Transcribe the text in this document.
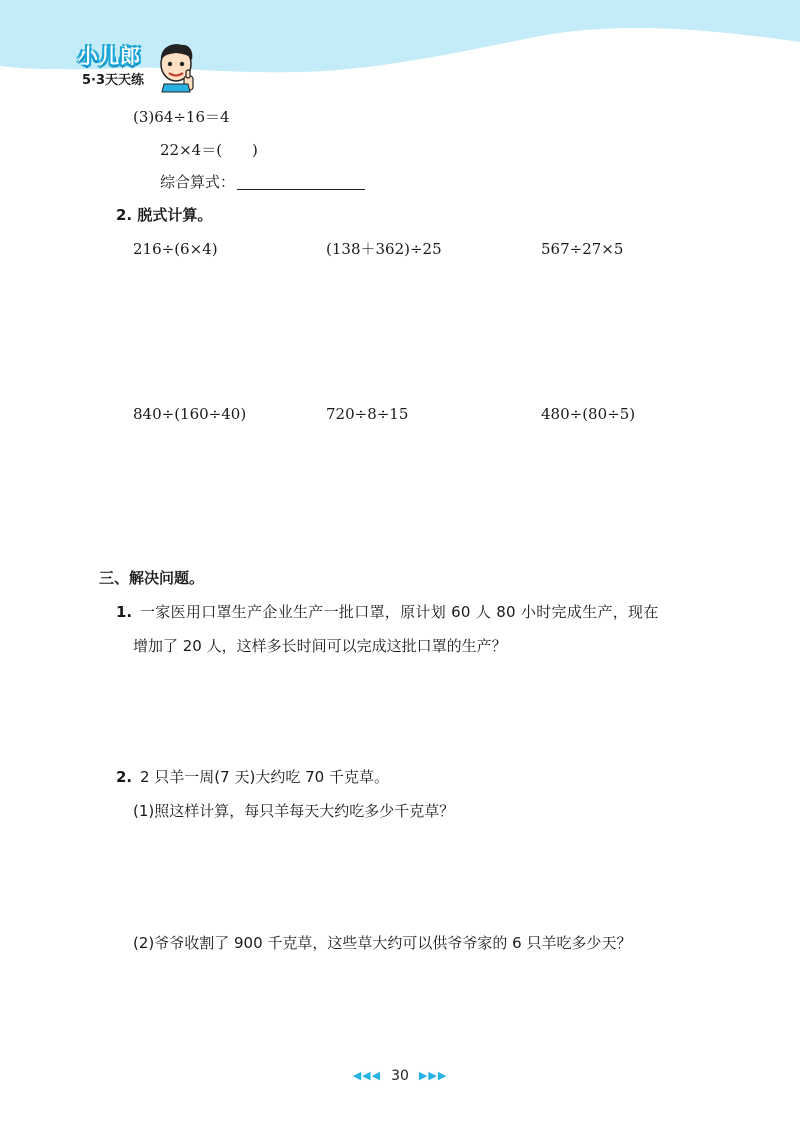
小儿郎
5·3天天练
(3)64÷16＝4
22×4＝(　　)
综合算式：
2. 脱式计算。
216÷(6×4)	(138＋362)÷25	567÷27×5
840÷(160÷40)	720÷8÷15	480÷(80÷5)
三、解决问题。
1. 一家医用口罩生产企业生产一批口罩，原计划 60 人 80 小时完成生产，现在
增加了 20 人，这样多长时间可以完成这批口罩的生产？
2. 2 只羊一周(7 天)大约吃 70 千克草。
(1)照这样计算，每只羊每天大约吃多少千克草？
(2)爷爷收割了 900 千克草，这些草大约可以供爷爷家的 6 只羊吃多少天？
◀◀◀ 30 ▶▶▶
